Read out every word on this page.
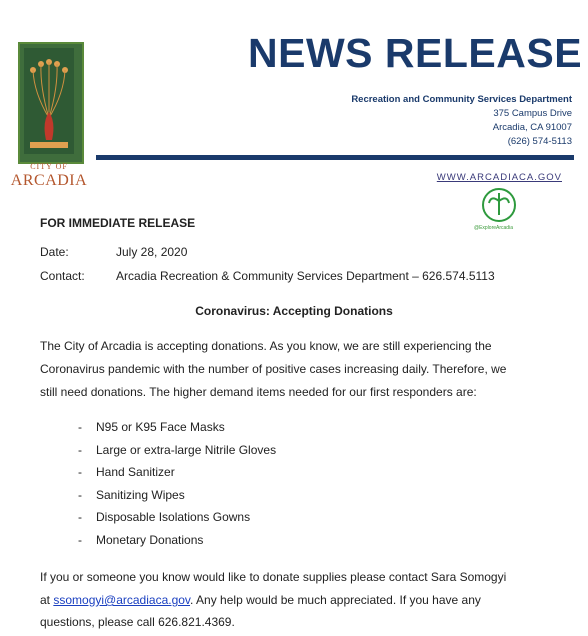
CITY OF
ARCADIA
NEWS RELEASE
Recreation and Community Services Department
375 Campus Drive
Arcadia, CA 91007
(626) 574-5113
WWW.ARCADIACA.GOV
@ExploreArcadia
FOR IMMEDIATE RELEASE
Date:	July 28, 2020
Contact:	Arcadia Recreation & Community Services Department – 626.574.5113
Coronavirus: Accepting Donations
The City of Arcadia is accepting donations. As you know, we are still experiencing the
Coronavirus pandemic with the number of positive cases increasing daily. Therefore, we
still need donations. The higher demand items needed for our first responders are:
- N95 or K95 Face Masks
- Large or extra-large Nitrile Gloves
- Hand Sanitizer
- Sanitizing Wipes
- Disposable Isolations Gowns
- Monetary Donations
If you or someone you know would like to donate supplies please contact Sara Somogyi
at ssomogyi@arcadiaca.gov. Any help would be much appreciated. If you have any
questions, please call 626.821.4369.
